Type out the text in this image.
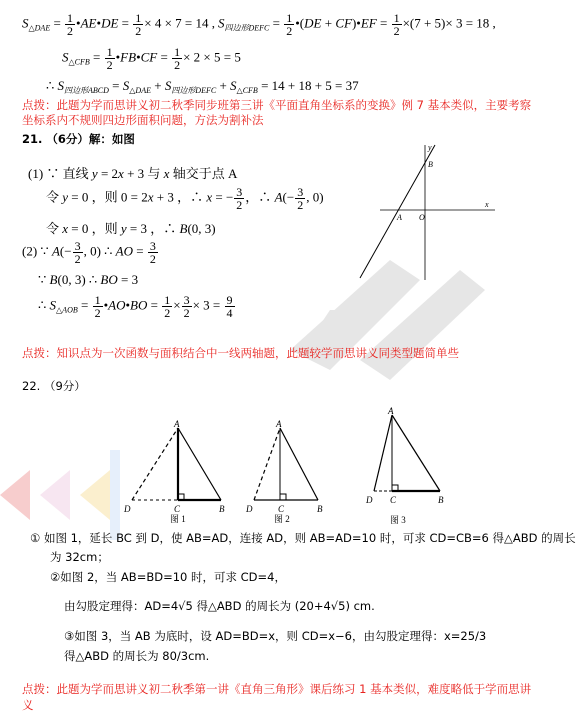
$S_{\triangle DAE} = \frac{1}{2}$ •AE•DE = $\frac{1}{2} \times 4 \times 7 = 14$ , $S_{四边形DEFC} = \frac{1}{2}$ •(DE + CF)•EF = $\frac{1}{2} \times(7 + 5)\times 3 = 18$ ,
$S_{\triangle CFB} = \frac{1}{2}$ •FB•CF = $\frac{1}{2} \times 2 \times 5 = 5$
∴ $S_{四边形ABCD} = S_{\triangle DAE} + S_{四边形DEFC} + S_{\triangle CFB} = 14 + 18 + 5 = 37$
点拨：此题为学而思讲义初二秋季同步班第三讲《平面直角坐标系的变换》例 7 基本类似，主要考察
坐标系内不规则四边形面积问题，方法为割补法
21. （6分）解：如图
(1) ∵ 直线 y = 2x + 3 与 x 轴交于点 A
令 y = 0 ，则 0 = 2x + 3 ，∴ x = − $\frac{3}{2}$ ，∴ $A(- \frac{3}{2}$ , 0)
令 x = 0 ，则 y = 3 ，∴ B(0, 3)
(2) ∵ $A(- \frac{3}{2}$ , 0) ∴ AO = $\frac{3}{2}$
∵ B(0, 3) ∴ BO = 3
∴ $S_{\triangle AOB} = \frac{1}{2}$ •AO•BO = $\frac{1}{2} \times \frac{3}{2} \times 3 = \frac{9}{4}$
y
x
B
A O
点拨：知识点为一次函数与面积结合中一线两轴题，此题较学而思讲义同类型题简单些
22. （9分）
A
D	C	B
图 1
A
D	C	B
图 2
A
D C	B
图 3
① 如图 1，延长 BC 到 D，使 AB=AD，连接 AD，则 AB=AD=10 时，可求 CD=CB=6 得△ABD 的周长
为 32cm；
②如图 2，当 AB=BD=10 时，可求 CD=4，
由勾股定理得：AD=4√5 得△ABD 的周长为 (20+4√5) cm.
③如图 3，当 AB 为底时，设 AD=BD=x，则 CD=x−6，由勾股定理得：x=25/3
得△ABD 的周长为 80/3cm.
点拨：此题为学而思讲义初二秋季第一讲《直角三角形》课后练习 1 基本类似，难度略低于学而思讲
义
